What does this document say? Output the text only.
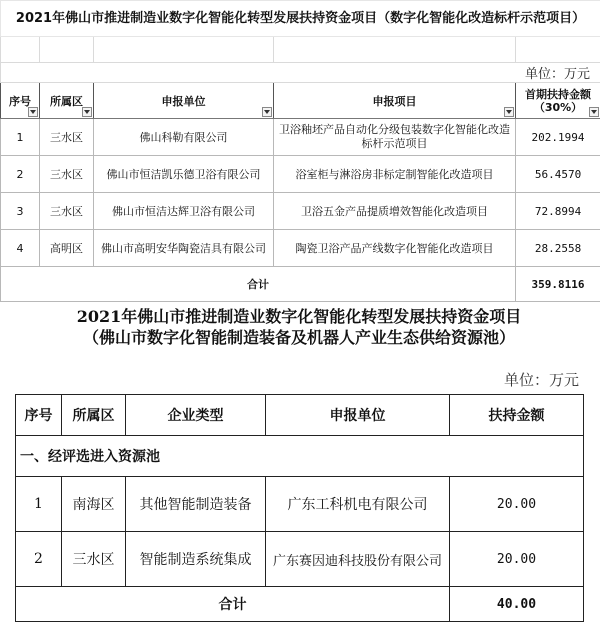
2021年佛山市推进制造业数字化智能化转型发展扶持资金项目（数字化智能化改造标杆示范项目）				

				单位：万元
序号	所属区	申报单位	申报项目	首期扶持金额（30%）

1	三水区	佛山科勒有限公司	卫浴釉坯产品自动化分级包装数字化智能化改造标杆示范项目	202.1994
2	三水区	佛山市恒洁凯乐德卫浴有限公司	浴室柜与淋浴房非标定制智能化改造项目	56.4570
3	三水区	佛山市恒洁达辉卫浴有限公司	卫浴五金产品提质增效智能化改造项目	72.8994
4	高明区	佛山市高明安华陶瓷洁具有限公司	陶瓷卫浴产品产线数字化智能化改造项目	28.2558
合计				359.8116
2021年佛山市推进制造业数字化智能化转型发展扶持资金项目
（佛山市数字化智能制造装备及机器人产业生态供给资源池）
单位：万元
序号	所属区	企业类型	申报单位	扶持金额
一、经评选进入资源池				
1	南海区	其他智能制造装备	广东工科机电有限公司	20.00
2	三水区	智能制造系统集成	广东赛因迪科技股份有限公司	20.00
合计				40.00
